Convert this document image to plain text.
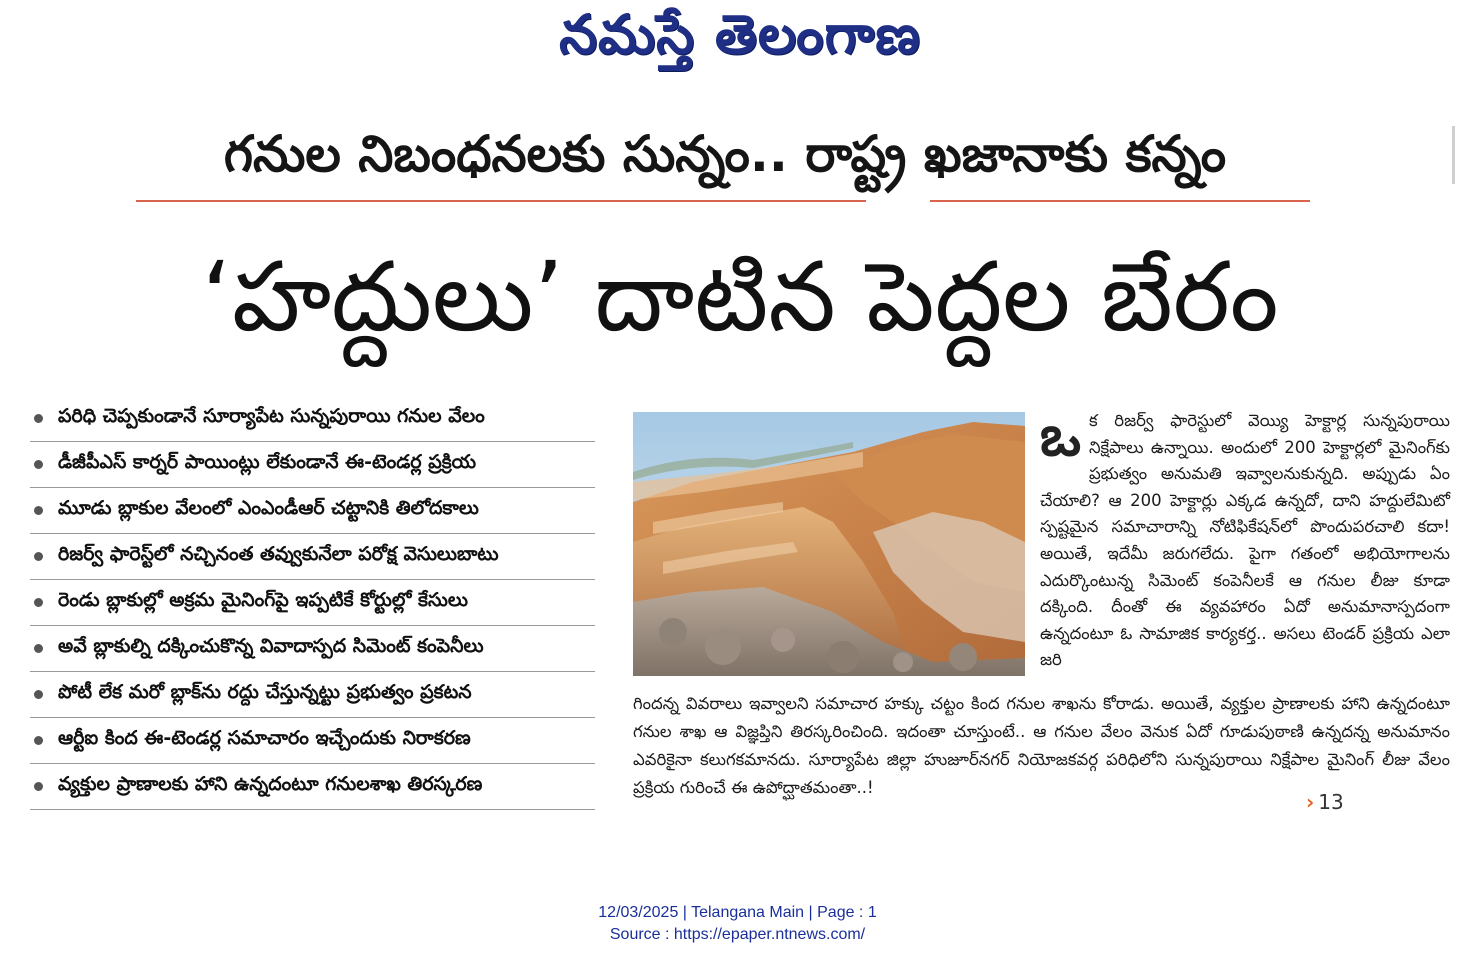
నమస్తే తెలంగాణ
గనుల నిబంధనలకు సున్నం.. రాష్ట్ర ఖజానాకు కన్నం
‘హద్దులు’ దాటిన పెద్దల బేరం
పరిధి చెప్పకుండానే సూర్యాపేట సున్నపురాయి గనుల వేలం
డీజీపీఎస్ కార్నర్ పాయింట్లు లేకుండానే ఈ-టెండర్ల ప్రక్రియ
మూడు బ్లాకుల వేలంలో ఎంఎండీఆర్ చట్టానికి తిలోదకాలు
రిజర్వ్ ఫారెస్ట్‌లో నచ్చినంత తవ్వుకునేలా పరోక్ష వెసులుబాటు
రెండు బ్లాకుల్లో అక్రమ మైనింగ్‌పై ఇప్పటికే కోర్టుల్లో కేసులు
అవే బ్లాకుల్ని దక్కించుకొన్న వివాదాస్పద సిమెంట్ కంపెనీలు
పోటీ లేక మరో బ్లాక్‌ను రద్దు చేస్తున్నట్టు ప్రభుత్వం ప్రకటన
ఆర్టీఐ కింద ఈ-టెండర్ల సమాచారం ఇచ్చేందుకు నిరాకరణ
వ్యక్తుల ప్రాణాలకు హాని ఉన్నదంటూ గనులశాఖ తిరస్కరణ
ఒ క రిజర్వ్ ఫారెస్టులో వెయ్యి హెక్టార్ల సున్నపురాయి నిక్షేపాలు ఉన్నాయి. అందులో 200 హెక్టార్లలో మైనింగ్‌కు ప్రభుత్వం అనుమతి ఇవ్వాలనుకున్నది. అప్పుడు ఏం చేయాలి? ఆ 200 హెక్టార్లు ఎక్కడ ఉన్నదో, దాని హద్దులేమిటో స్పష్టమైన సమాచారాన్ని నోటిఫికేషన్‌లో పొందుపరచాలి కదా! అయితే, ఇదేమీ జరుగలేదు. పైగా గతంలో అభియోగాలను ఎదుర్కొంటున్న సిమెంట్ కంపెనీలకే ఆ గనుల లీజు కూడా దక్కింది. దీంతో ఈ వ్యవహారం ఏదో అనుమానాస్పదంగా ఉన్నదంటూ ఓ సామాజిక కార్యకర్త.. అసలు టెండర్ ప్రక్రియ ఎలా జరి
గిందన్న వివరాలు ఇవ్వాలని సమాచార హక్కు చట్టం కింద గనుల శాఖను కోరాడు. అయితే, వ్యక్తుల ప్రాణాలకు హాని ఉన్నదంటూ గనుల శాఖ ఆ విజ్ఞప్తిని తిరస్కరించింది. ఇదంతా చూస్తుంటే.. ఆ గనుల వేలం వెనుక ఏదో గూడుపుఠాణి ఉన్నదన్న అనుమానం ఎవరికైనా కలుగకమానదు. సూర్యాపేట జిల్లా హుజూర్‌నగర్ నియోజకవర్గ పరిధిలోని సున్నపురాయి నిక్షేపాల మైనింగ్ లీజు వేలం ప్రక్రియ గురించే ఈ ఉపోద్ఘాతమంతా..!
› 13
12/03/2025 | Telangana Main | Page : 1
Source : https://epaper.ntnews.com/
